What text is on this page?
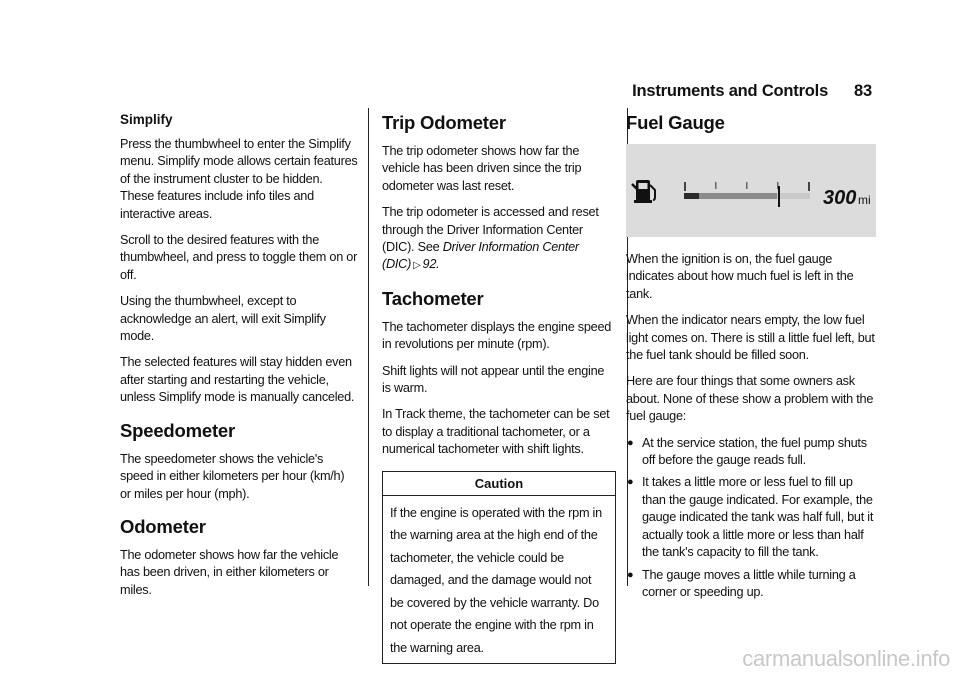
Instruments and Controls 83
Simplify

Press the thumbwheel to enter the Simplify menu. Simplify mode allows certain features of the instrument cluster to be hidden. These features include info tiles and interactive areas.

Scroll to the desired features with the thumbwheel, and press to toggle them on or off.

Using the thumbwheel, except to acknowledge an alert, will exit Simplify mode.

The selected features will stay hidden even after starting and restarting the vehicle, unless Simplify mode is manually canceled.

Speedometer

The speedometer shows the vehicle's speed in either kilometers per hour (km/h) or miles per hour (mph).

Odometer

The odometer shows how far the vehicle has been driven, in either kilometers or miles.

Trip Odometer

The trip odometer shows how far the vehicle has been driven since the trip odometer was last reset.

The trip odometer is accessed and reset through the Driver Information Center (DIC). See Driver Information Center (DIC) ▷ 92.

Tachometer

The tachometer displays the engine speed in revolutions per minute (rpm).

Shift lights will not appear until the engine is warm.

In Track theme, the tachometer can be set to display a traditional tachometer, or a numerical tachometer with shift lights.

Caution
If the engine is operated with the rpm in the warning area at the high end of the tachometer, the vehicle could be damaged, and the damage would not be covered by the vehicle warranty. Do not operate the engine with the rpm in the warning area.
Fuel Gauge
300 mi

When the ignition is on, the fuel gauge indicates about how much fuel is left in the tank.

When the indicator nears empty, the low fuel light comes on. There is still a little fuel left, but the fuel tank should be filled soon.

Here are four things that some owners ask about. None of these show a problem with the fuel gauge:

● At the service station, the fuel pump shuts off before the gauge reads full.
● It takes a little more or less fuel to fill up than the gauge indicated. For example, the gauge indicated the tank was half full, but it actually took a little more or less than half the tank's capacity to fill the tank.
● The gauge moves a little while turning a corner or speeding up.
carmanualsonline.info
